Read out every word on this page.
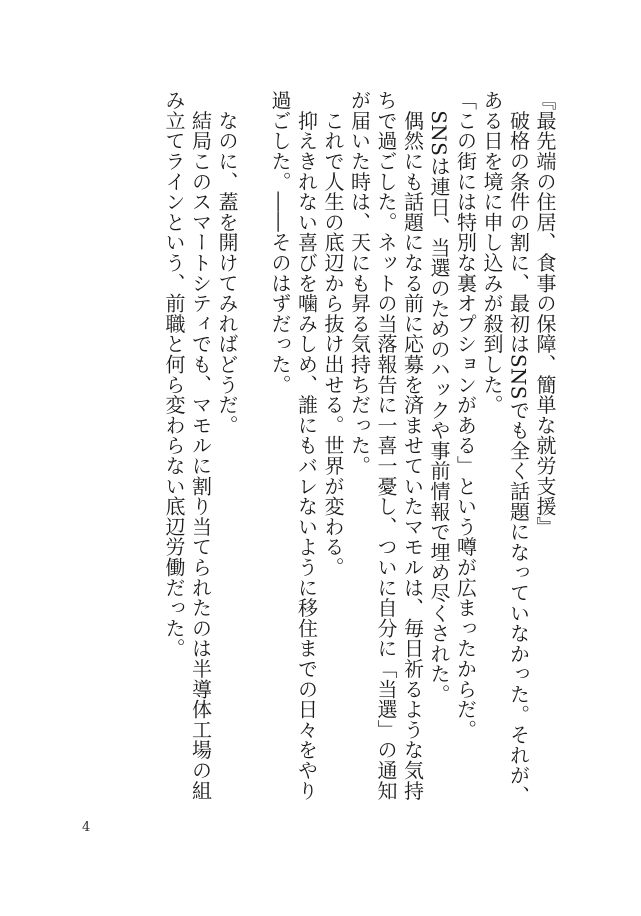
『最先端の住居、食事の保障、簡単な就労支援』

　破格の条件の割に、最初はSNSでも全く話題になっていなかった。それが、ある日を境に申し込みが殺到した。

「この街には特別な裏オプションがある」という噂が広まったからだ。

　SNSは連日、当選のためのハックや事前情報で埋め尽くされた。

　偶然にも話題になる前に応募を済ませていたマモルは、毎日祈るような気持ちで過ごした。ネットの当落報告に一喜一憂し、ついに自分に「当選」の通知が届いた時は、天にも昇る気持ちだった。

　これで人生の底辺から抜け出せる。世界が変わる。

　抑えきれない喜びを噛みしめ、誰にもバレないように移住までの日々をやり過ごした。――そのはずだった。

　なのに、蓋を開けてみればどうだ。

　結局このスマートシティでも、マモルに割り当てられたのは半導体工場の組み立てラインという、前職と何ら変わらない底辺労働だった。

4
